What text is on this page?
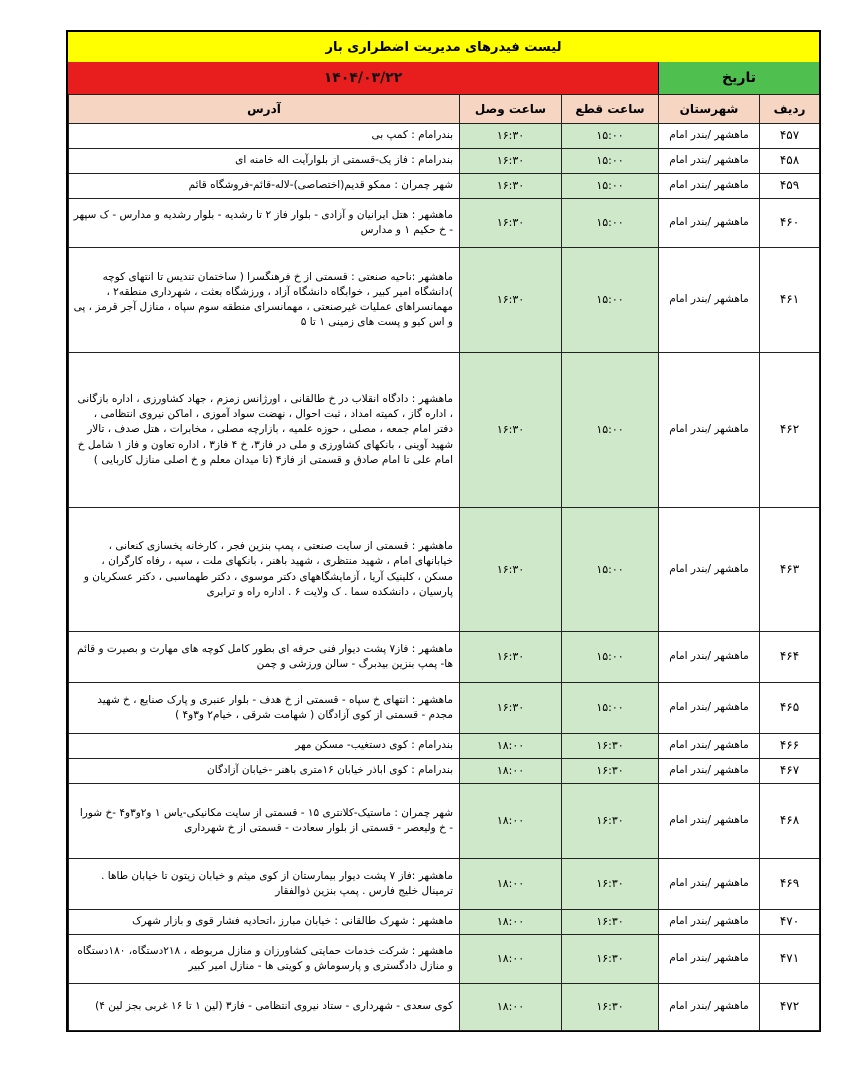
لیست فیدرهای مدیریت اضطراری بار
۱۴۰۴/۰۳/۲۲	تاریخ
ردیف	شهرستان	ساعت قطع	ساعت وصل	آدرس
۴۵۷	ماهشهر /بندر امام	۱۵:۰۰	۱۶:۳۰	بندرامام : کمپ بی
۴۵۸	ماهشهر /بندر امام	۱۵:۰۰	۱۶:۳۰	بندرامام : فاز یک-قسمتی از بلوارآیت اله خامنه ای
۴۵۹	ماهشهر /بندر امام	۱۵:۰۰	۱۶:۳۰	شهر چمران : ممکو قدیم(اختصاصی)-لاله-قائم-فروشگاه قائم
۴۶۰	ماهشهر /بندر امام	۱۵:۰۰	۱۶:۳۰	ماهشهر : هتل ایرانیان و آزادی - بلوار فاز ۲ تا رشدیه - بلوار رشدیه و مدارس - ک سپهر - خ حکیم ۱ و مدارس
۴۶۱	ماهشهر /بندر امام	۱۵:۰۰	۱۶:۳۰	ماهشهر :ناحیه صنعتی : قسمتی از خ فرهنگسرا ( ساختمان تندیس تا انتهای کوچه )دانشگاه امیر کبیر ، خوابگاه دانشگاه آزاد ، ورزشگاه بعثت ، شهرداری منطقه۲ ، مهمانسراهای عملیات غیرصنعتی ، مهمانسرای منطقه سوم سپاه ، منازل آجر قرمز ، پی و اس کیو و پست های زمینی ۱ تا ۵
۴۶۲	ماهشهر /بندر امام	۱۵:۰۰	۱۶:۳۰	ماهشهر : دادگاه انقلاب در خ طالقانی ، اورژانس زمزم ، جهاد کشاورزی ، اداره بازگانی ، اداره گاز ، کمیته امداد ، ثبت احوال ، نهضت سواد آموزی ، اماکن نیروی انتظامی ، دفتر امام جمعه ، مصلی ، حوزه علمیه ، بازارچه مصلی ، مخابرات ، هتل صدف ، تالار شهید آوینی ، بانکهای کشاورزی و ملی در فاز۳، خ ۴ فاز۳ ، اداره تعاون و فاز ۱ شامل خ امام علی تا امام صادق و قسمتی از فاز۴ (تا میدان معلم و خ اصلی منازل کاربایی )
۴۶۳	ماهشهر /بندر امام	۱۵:۰۰	۱۶:۳۰	ماهشهر : قسمتی از سایت صنعتی ، پمپ بنزین فجر ، کارخانه یخسازی کنعانی ، خیابانهای امام ، شهید منتظری ، شهید باهنر ، بانکهای ملت ، سپه ، رفاه کارگران ، مسکن ، کلینیک آریا ، آزمایشگاههای دکتر موسوی ، دکتر طهماسبی ، دکتر عسکریان و پارسیان ، دانشکده سما . ک ولایت ۶ . اداره راه و ترابری
۴۶۴	ماهشهر /بندر امام	۱۵:۰۰	۱۶:۳۰	ماهشهر : فاز۷ پشت دیوار فنی حرفه ای بطور کامل کوچه های مهارت و بصیرت و قائم ها- پمپ بنزین بیدبرگ - سالن ورزشی و چمن
۴۶۵	ماهشهر /بندر امام	۱۵:۰۰	۱۶:۳۰	ماهشهر : انتهای خ سپاه - قسمتی از خ هدف - بلوار عنبری و پارک صنایع ، خ شهید مجدم - قسمتی از کوی آزادگان ( شهامت شرقی ، خیام۲ و۳و۴ )
۴۶۶	ماهشهر /بندر امام	۱۶:۳۰	۱۸:۰۰	بندرامام : کوی دستغیب- مسکن مهر
۴۶۷	ماهشهر /بندر امام	۱۶:۳۰	۱۸:۰۰	بندرامام : کوی اباذر خیابان ۱۶متری باهنر -خیابان آزادگان
۴۶۸	ماهشهر /بندر امام	۱۶:۳۰	۱۸:۰۰	شهر چمران : ماستیک-کلانتری ۱۵ - قسمتی از سایت مکانیکی-یاس ۱ و۲و۳و۴ -خ شورا - خ ولیعصر - قسمتی از بلوار سعادت - قسمتی از خ شهرداری
۴۶۹	ماهشهر /بندر امام	۱۶:۳۰	۱۸:۰۰	ماهشهر :فاز ۷ پشت دیوار بیمارستان از کوی میثم و خیابان زیتون تا خیابان طاها . ترمینال خلیج فارس . پمپ بنزین ذوالفقار
۴۷۰	ماهشهر /بندر امام	۱۶:۳۰	۱۸:۰۰	ماهشهر : شهرک طالقانی : خیابان مبارز ،اتحادیه فشار قوی و بازار شهرک
۴۷۱	ماهشهر /بندر امام	۱۶:۳۰	۱۸:۰۰	ماهشهر : شرکت خدمات حمایتی کشاورزان و منازل مربوطه ، ۲۱۸دستگاه، ۱۸۰دستگاه و منازل دادگستری و پارسوماش و کویتی ها - منازل امیر کبیر
۴۷۲	ماهشهر /بندر امام	۱۶:۳۰	۱۸:۰۰	کوی سعدی - شهرداری - ستاد نیروی انتظامی - فاز۳ (لین ۱ تا ۱۶ غربی بجز لین ۴)
